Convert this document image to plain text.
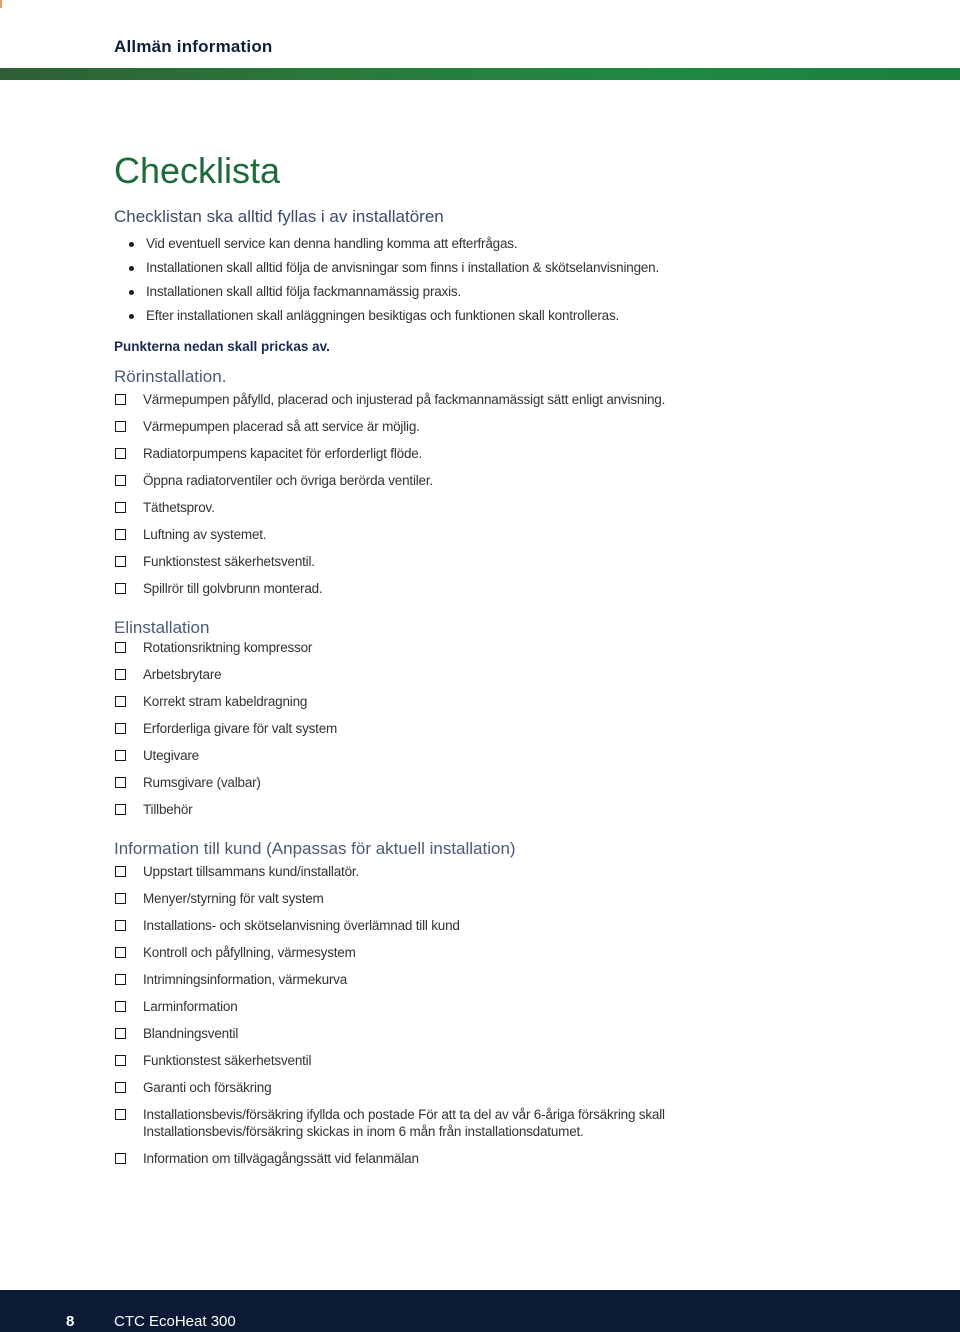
Allmän information
Checklista
Checklistan ska alltid fyllas i av installatören
Vid eventuell service kan denna handling komma att efterfrågas.
Installationen skall alltid följa de anvisningar som finns i installation & skötselanvisningen.
Installationen skall alltid följa fackmannamässig praxis.
Efter installationen skall anläggningen besiktigas och funktionen skall kontrolleras.
Punkterna nedan skall prickas av.
Rörinstallation.
Värmepumpen påfylld, placerad och injusterad på fackmannamässigt sätt enligt anvisning.
Värmepumpen placerad så att service är möjlig.
Radiatorpumpens kapacitet för erforderligt flöde.
Öppna radiatorventiler och övriga berörda ventiler.
Täthetsprov.
Luftning av systemet.
Funktionstest säkerhetsventil.
Spillrör till golvbrunn monterad.
Elinstallation
Rotationsriktning kompressor
Arbetsbrytare
Korrekt stram kabeldragning
Erforderliga givare för valt system
Utegivare
Rumsgivare (valbar)
Tillbehör
Information till kund (Anpassas för aktuell installation)
Uppstart tillsammans kund/installatör.
Menyer/styrning för valt system
Installations- och skötselanvisning överlämnad till kund
Kontroll och påfyllning, värmesystem
Intrimningsinformation, värmekurva
Larminformation
Blandningsventil
Funktionstest säkerhetsventil
Garanti och försäkring
Installationsbevis/försäkring ifyllda och postade För att ta del av vår 6-åriga försäkring skall Installationsbevis/försäkring skickas in inom 6 mån från installationsdatumet.
Information om tillvägagångssätt vid felanmälan
8	CTC EcoHeat 300
